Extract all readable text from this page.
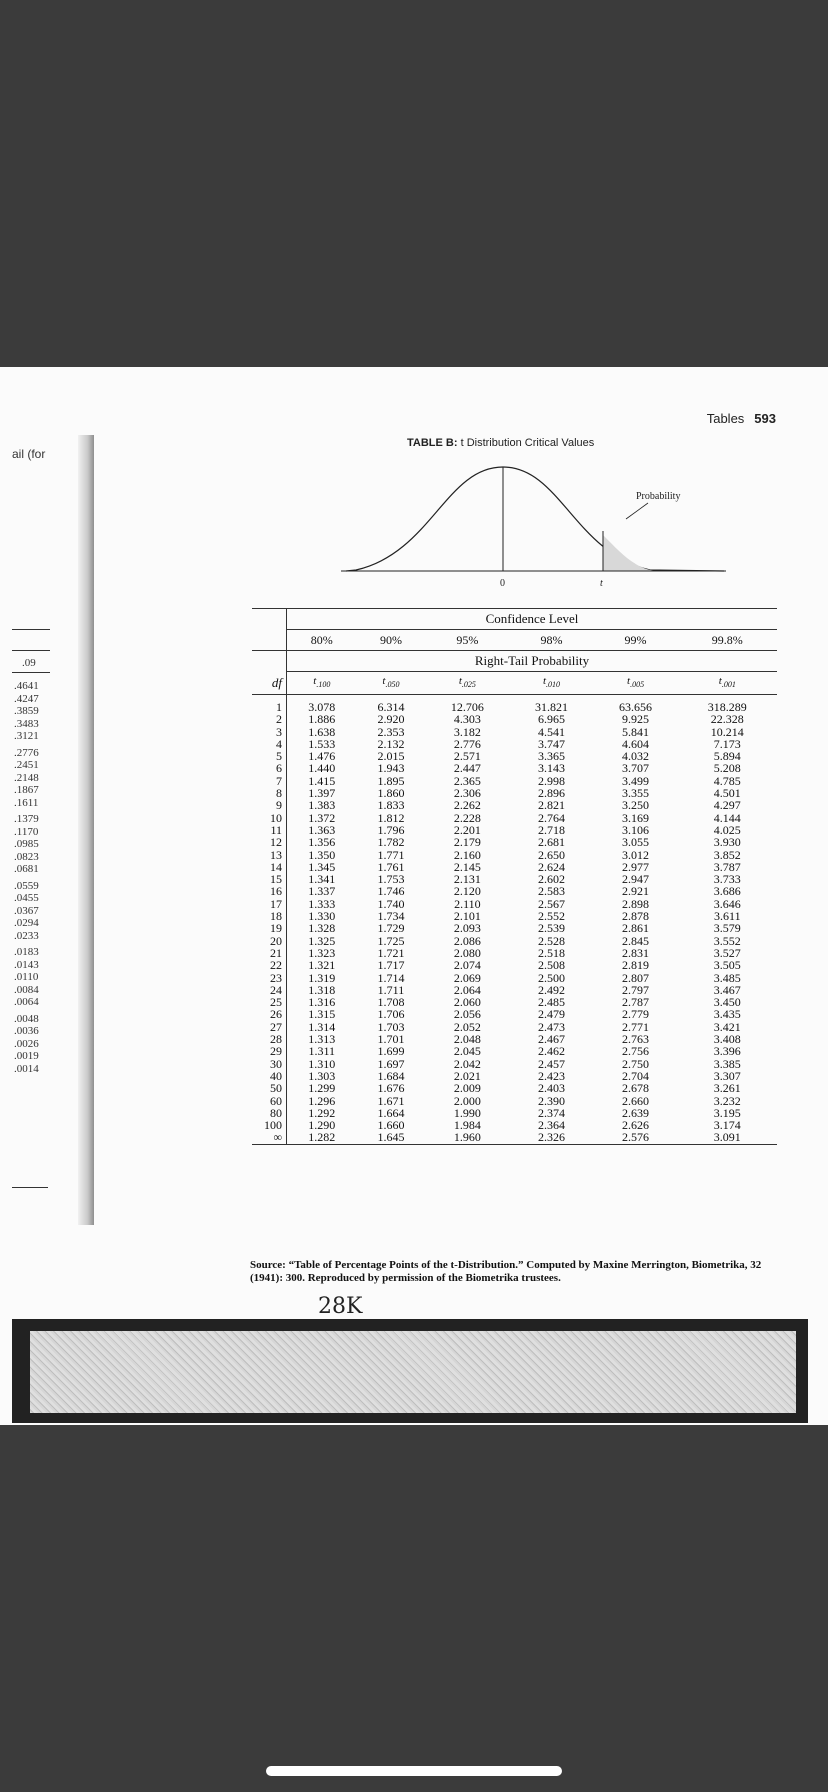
ail (for
.09
.4641
.4247
.3859
.3483
.3121
.2776
.2451
.2148
.1867
.1611
.1379
.1170
.0985
.0823
.0681
.0559
.0455
.0367
.0294
.0233
.0183
.0143
.0110
.0084
.0064
.0048
.0036
.0026
.0019
.0014
Tables 593
TABLE B: t Distribution Critical Values
0	t
Probability
	Confidence Level					
	80%	90%	95%	98%	99%	99.8%
	Right-Tail Probability					
df	$t_{.100}$	$t_{.050}$	$t_{.025}$	$t_{.010}$	$t_{.005}$	$t_{.001}$
1	3.078	6.314	12.706	31.821	63.656	318.289
2	1.886	2.920	4.303	6.965	9.925	22.328
3	1.638	2.353	3.182	4.541	5.841	10.214
4	1.533	2.132	2.776	3.747	4.604	7.173
5	1.476	2.015	2.571	3.365	4.032	5.894
6	1.440	1.943	2.447	3.143	3.707	5.208
7	1.415	1.895	2.365	2.998	3.499	4.785
8	1.397	1.860	2.306	2.896	3.355	4.501
9	1.383	1.833	2.262	2.821	3.250	4.297
10	1.372	1.812	2.228	2.764	3.169	4.144
11	1.363	1.796	2.201	2.718	3.106	4.025
12	1.356	1.782	2.179	2.681	3.055	3.930
13	1.350	1.771	2.160	2.650	3.012	3.852
14	1.345	1.761	2.145	2.624	2.977	3.787
15	1.341	1.753	2.131	2.602	2.947	3.733
16	1.337	1.746	2.120	2.583	2.921	3.686
17	1.333	1.740	2.110	2.567	2.898	3.646
18	1.330	1.734	2.101	2.552	2.878	3.611
19	1.328	1.729	2.093	2.539	2.861	3.579
20	1.325	1.725	2.086	2.528	2.845	3.552
21	1.323	1.721	2.080	2.518	2.831	3.527
22	1.321	1.717	2.074	2.508	2.819	3.505
23	1.319	1.714	2.069	2.500	2.807	3.485
24	1.318	1.711	2.064	2.492	2.797	3.467
25	1.316	1.708	2.060	2.485	2.787	3.450
26	1.315	1.706	2.056	2.479	2.779	3.435
27	1.314	1.703	2.052	2.473	2.771	3.421
28	1.313	1.701	2.048	2.467	2.763	3.408
29	1.311	1.699	2.045	2.462	2.756	3.396
30	1.310	1.697	2.042	2.457	2.750	3.385
40	1.303	1.684	2.021	2.423	2.704	3.307
50	1.299	1.676	2.009	2.403	2.678	3.261
60	1.296	1.671	2.000	2.390	2.660	3.232
80	1.292	1.664	1.990	2.374	2.639	3.195
100	1.290	1.660	1.984	2.364	2.626	3.174
∞	1.282	1.645	1.960	2.326	2.576	3.091
Source: “Table of Percentage Points of the t-Distribution.” Computed by Maxine Merrington, Biometrika, 32 (1941): 300. Reproduced by permission of the Biometrika trustees.
28K
